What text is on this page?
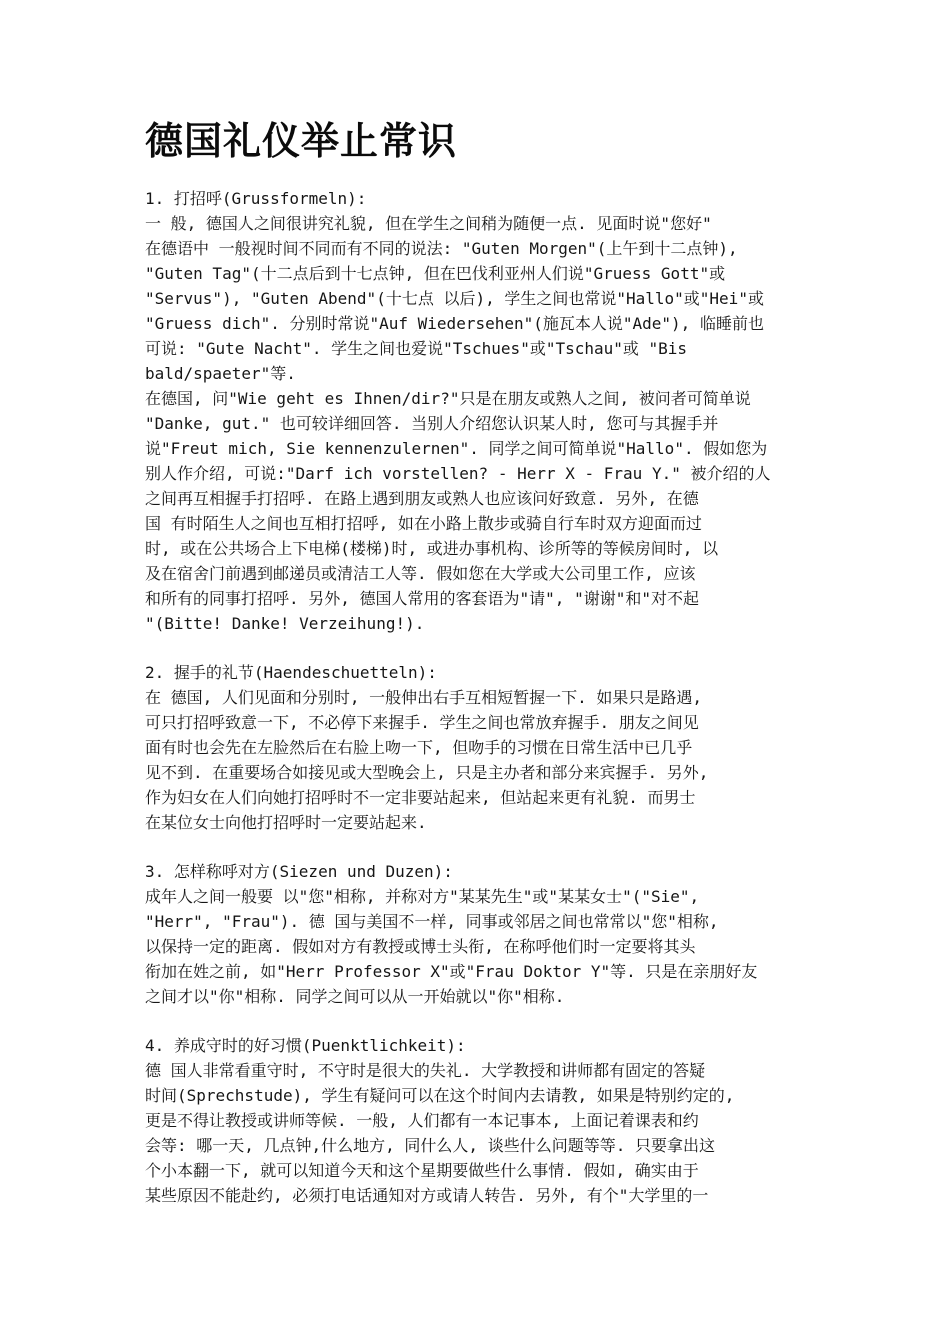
德国礼仪举止常识
1. 打招呼(Grussformeln):
一 般, 德国人之间很讲究礼貌, 但在学生之间稍为随便一点. 见面时说"您好"
在德语中 一般视时间不同而有不同的说法: "Guten Morgen"(上午到十二点钟),
"Guten Tag"(十二点后到十七点钟, 但在巴伐利亚州人们说"Gruess Gott"或
"Servus"), "Guten Abend"(十七点 以后), 学生之间也常说"Hallo"或"Hei"或
"Gruess dich". 分别时常说"Auf Wiedersehen"(施瓦本人说"Ade"), 临睡前也
可说: "Gute Nacht". 学生之间也爱说"Tschues"或"Tschau"或 "Bis
bald/spaeter"等.
在德国, 问"Wie geht es Ihnen/dir?"只是在朋友或熟人之间, 被问者可简单说
"Danke, gut." 也可较详细回答. 当别人介绍您认识某人时, 您可与其握手并
说"Freut mich, Sie kennenzulernen". 同学之间可简单说"Hallo". 假如您为
别人作介绍, 可说:"Darf ich vorstellen? - Herr X - Frau Y." 被介绍的人
之间再互相握手打招呼. 在路上遇到朋友或熟人也应该问好致意. 另外, 在德
国 有时陌生人之间也互相打招呼, 如在小路上散步或骑自行车时双方迎面而过
时, 或在公共场合上下电梯(楼梯)时, 或进办事机构、诊所等的等候房间时, 以
及在宿舍门前遇到邮递员或清洁工人等. 假如您在大学或大公司里工作, 应该
和所有的同事打招呼. 另外, 德国人常用的客套语为"请", "谢谢"和"对不起
"(Bitte! Danke! Verzeihung!).
2. 握手的礼节(Haendeschuetteln):
在 德国, 人们见面和分别时, 一般伸出右手互相短暂握一下. 如果只是路遇,
可只打招呼致意一下, 不必停下来握手. 学生之间也常放弃握手. 朋友之间见
面有时也会先在左脸然后在右脸上吻一下, 但吻手的习惯在日常生活中已几乎
见不到. 在重要场合如接见或大型晚会上, 只是主办者和部分来宾握手. 另外,
作为妇女在人们向她打招呼时不一定非要站起来, 但站起来更有礼貌. 而男士
在某位女士向他打招呼时一定要站起来.
3. 怎样称呼对方(Siezen und Duzen):
成年人之间一般要 以"您"相称, 并称对方"某某先生"或"某某女士"("Sie",
"Herr", "Frau"). 德 国与美国不一样, 同事或邻居之间也常常以"您"相称,
以保持一定的距离. 假如对方有教授或博士头衔, 在称呼他们时一定要将其头
衔加在姓之前, 如"Herr Professor X"或"Frau Doktor Y"等. 只是在亲朋好友
之间才以"你"相称. 同学之间可以从一开始就以"你"相称.
4. 养成守时的好习惯(Puenktlichkeit):
德 国人非常看重守时, 不守时是很大的失礼. 大学教授和讲师都有固定的答疑
时间(Sprechstude), 学生有疑问可以在这个时间内去请教, 如果是特别约定的,
更是不得让教授或讲师等候. 一般, 人们都有一本记事本, 上面记着课表和约
会等: 哪一天, 几点钟,什么地方, 同什么人, 谈些什么问题等等. 只要拿出这
个小本翻一下, 就可以知道今天和这个星期要做些什么事情. 假如, 确实由于
某些原因不能赴约, 必须打电话通知对方或请人转告. 另外, 有个"大学里的一
